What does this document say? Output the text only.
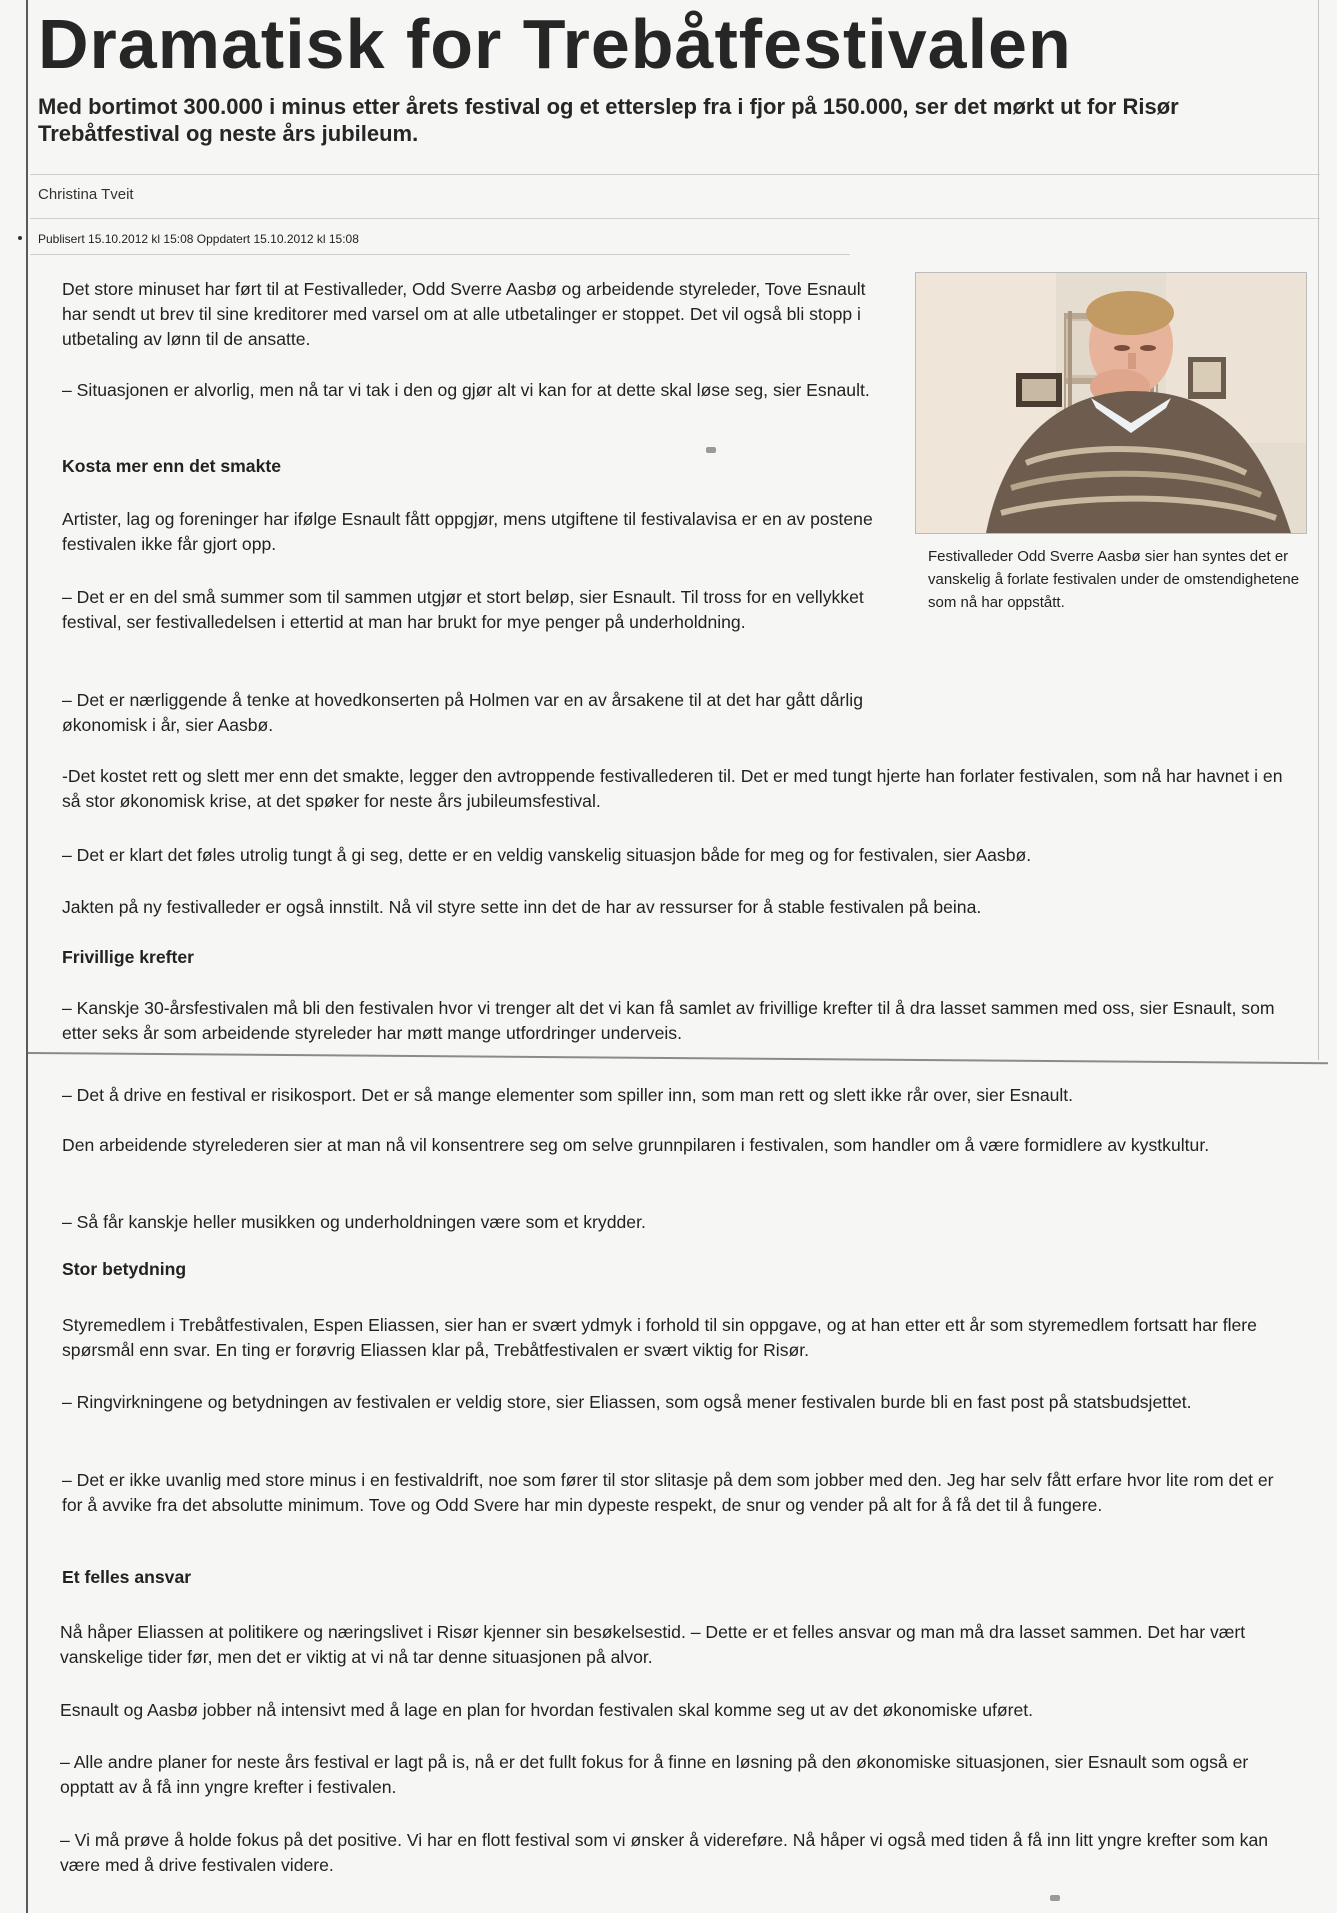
Dramatisk for Trebåtfestivalen

Med bortimot 300.000 i minus etter årets festival og et etterslep fra i fjor på 150.000, ser det mørkt ut for Risør Trebåtfestival og neste års jubileum.

Christina Tveit
Publisert 15.10.2012 kl 15:08 Oppdatert 15.10.2012 kl 15:08

Festivalleder Odd Sverre Aasbø sier han syntes det er vanskelig å forlate festivalen under de omstendighetene som nå har oppstått.

Det store minuset har ført til at Festivalleder, Odd Sverre Aasbø og arbeidende styreleder, Tove Esnault har sendt ut brev til sine kreditorer med varsel om at alle utbetalinger er stoppet. Det vil også bli stopp i utbetaling av lønn til de ansatte.

– Situasjonen er alvorlig, men nå tar vi tak i den og gjør alt vi kan for at dette skal løse seg, sier Esnault.

Kosta mer enn det smakte

Artister, lag og foreninger har ifølge Esnault fått oppgjør, mens utgiftene til festivalavisa er en av postene festivalen ikke får gjort opp.

– Det er en del små summer som til sammen utgjør et stort beløp, sier Esnault. Til tross for en vellykket festival, ser festivalledelsen i ettertid at man har brukt for mye penger på underholdning.

– Det er nærliggende å tenke at hovedkonserten på Holmen var en av årsakene til at det har gått dårlig økonomisk i år, sier Aasbø.

-Det kostet rett og slett mer enn det smakte, legger den avtroppende festivallederen til. Det er med tungt hjerte han forlater festivalen, som nå har havnet i en så stor økonomisk krise, at det spøker for neste års jubileumsfestival.

– Det er klart det føles utrolig tungt å gi seg, dette er en veldig vanskelig situasjon både for meg og for festivalen, sier Aasbø.

Jakten på ny festivalleder er også innstilt. Nå vil styre sette inn det de har av ressurser for å stable festivalen på beina.

Frivillige krefter

– Kanskje 30-årsfestivalen må bli den festivalen hvor vi trenger alt det vi kan få samlet av frivillige krefter til å dra lasset sammen med oss, sier Esnault, som etter seks år som arbeidende styreleder har møtt mange utfordringer underveis.

– Det å drive en festival er risikosport. Det er så mange elementer som spiller inn, som man rett og slett ikke rår over, sier Esnault.

Den arbeidende styrelederen sier at man nå vil konsentrere seg om selve grunnpilaren i festivalen, som handler om å være formidlere av kystkultur.

– Så får kanskje heller musikken og underholdningen være som et krydder.

Stor betydning

Styremedlem i Trebåtfestivalen, Espen Eliassen, sier han er svært ydmyk i forhold til sin oppgave, og at han etter ett år som styremedlem fortsatt har flere spørsmål enn svar. En ting er forøvrig Eliassen klar på, Trebåtfestivalen er svært viktig for Risør.

– Ringvirkningene og betydningen av festivalen er veldig store, sier Eliassen, som også mener festivalen burde bli en fast post på statsbudsjettet.

– Det er ikke uvanlig med store minus i en festivaldrift, noe som fører til stor slitasje på dem som jobber med den. Jeg har selv fått erfare hvor lite rom det er for å avvike fra det absolutte minimum. Tove og Odd Svere har min dypeste respekt, de snur og vender på alt for å få det til å fungere.

Et felles ansvar

Nå håper Eliassen at politikere og næringslivet i Risør kjenner sin besøkelsestid. – Dette er et felles ansvar og man må dra lasset sammen. Det har vært vanskelige tider før, men det er viktig at vi nå tar denne situasjonen på alvor.

Esnault og Aasbø jobber nå intensivt med å lage en plan for hvordan festivalen skal komme seg ut av det økonomiske uføret.

– Alle andre planer for neste års festival er lagt på is, nå er det fullt fokus for å finne en løsning på den økonomiske situasjonen, sier Esnault som også er opptatt av å få inn yngre krefter i festivalen.

– Vi må prøve å holde fokus på det positive. Vi har en flott festival som vi ønsker å videreføre. Nå håper vi også med tiden å få inn litt yngre krefter som kan være med å drive festivalen videre.
